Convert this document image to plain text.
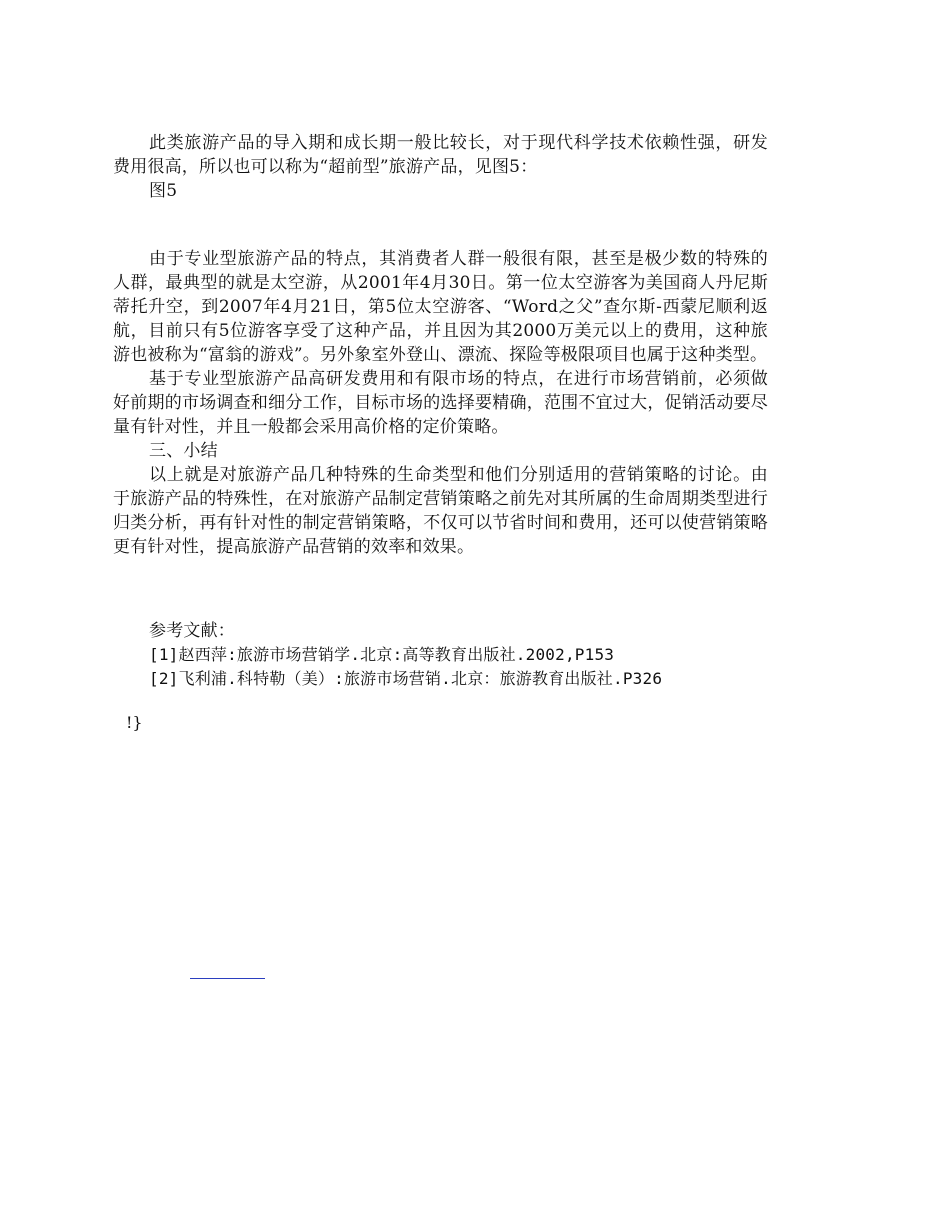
此类旅游产品的导入期和成长期一般比较长，对于现代科学技术依赖性强，研发费用很高，所以也可以称为“超前型”旅游产品，见图5：

图5

由于专业型旅游产品的特点，其消费者人群一般很有限，甚至是极少数的特殊的人群，最典型的就是太空游，从2001年4月30日。第一位太空游客为美国商人丹尼斯蒂托升空，到2007年4月21日，第5位太空游客、“Word之父”查尔斯-西蒙尼顺利返航，目前只有5位游客享受了这种产品，并且因为其2000万美元以上的费用，这种旅游也被称为“富翁的游戏”。另外象室外登山、漂流、探险等极限项目也属于这种类型。

基于专业型旅游产品高研发费用和有限市场的特点，在进行市场营销前，必须做好前期的市场调查和细分工作，目标市场的选择要精确，范围不宜过大，促销活动要尽量有针对性，并且一般都会采用高价格的定价策略。

三、小结

以上就是对旅游产品几种特殊的生命类型和他们分别适用的营销策略的讨论。由于旅游产品的特殊性，在对旅游产品制定营销策略之前先对其所属的生命周期类型进行归类分析，再有针对性的制定营销策略，不仅可以节省时间和费用，还可以使营销策略更有针对性，提高旅游产品营销的效率和效果。

参考文献：

[1]赵西萍:旅游市场营销学.北京:高等教育出版社.2002,P153

[2]飞利浦.科特勒（美）:旅游市场营销.北京：旅游教育出版社.P326

!}
